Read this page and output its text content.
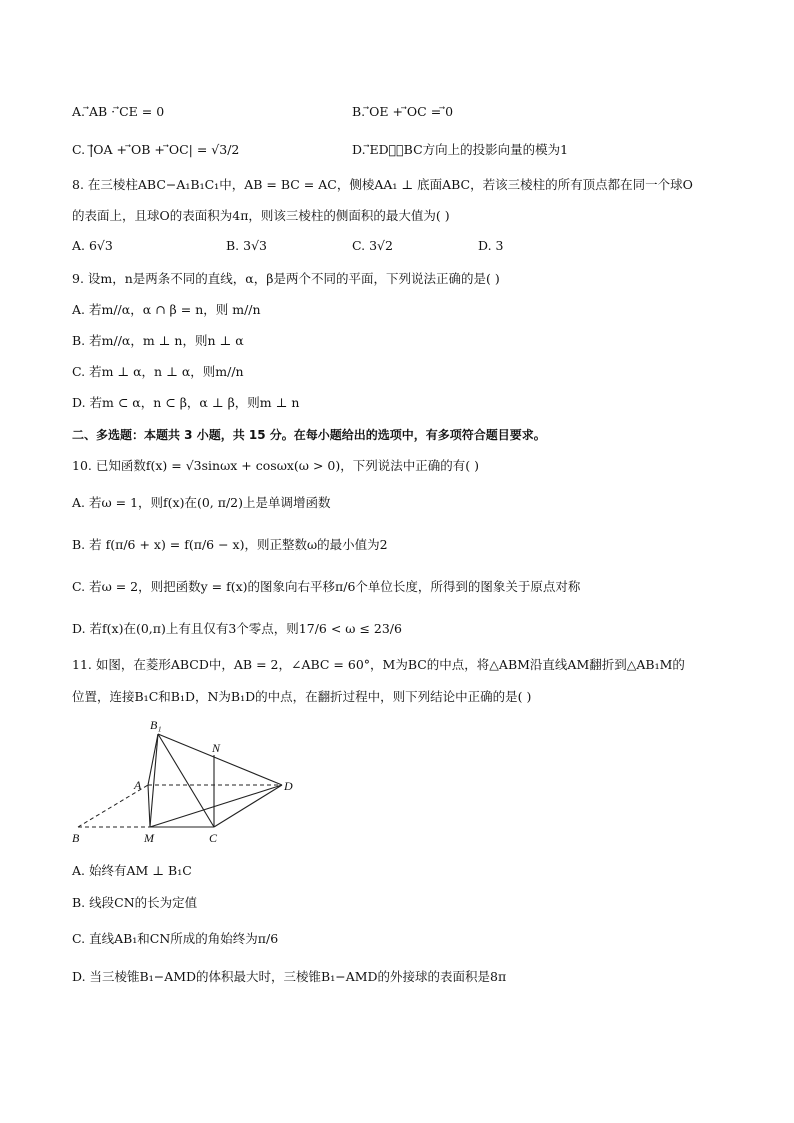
A. ⃗AB · ⃗CE = 0	B. ⃗OE + ⃗OC = ⃗0
C. |⃗OA + ⃗OB + ⃗OC| = √3/2	D. ⃗ED在⃗BC方向上的投影向量的模为1
8. 在三棱柱ABC−A₁B₁C₁中，AB = BC = AC，侧棱AA₁ ⊥ 底面ABC，若该三棱柱的所有顶点都在同一个球O
的表面上，且球O的表面积为4π，则该三棱柱的侧面积的最大值为( )
A. 6√3	B. 3√3	C. 3√2	D. 3
9. 设m，n是两条不同的直线，α，β是两个不同的平面，下列说法正确的是( )
A. 若m//α，α ∩ β = n，则 m//n
B. 若m//α，m ⊥ n，则n ⊥ α
C. 若m ⊥ α，n ⊥ α，则m//n
D. 若m ⊂ α，n ⊂ β，α ⊥ β，则m ⊥ n
二、多选题：本题共 3 小题，共 15 分。在每小题给出的选项中，有多项符合题目要求。
10. 已知函数f(x) = √3sinωx + cosωx(ω > 0)，下列说法中正确的有( )
A. 若ω = 1，则f(x)在(0, π/2)上是单调增函数
B. 若 f(π/6 + x) = f(π/6 − x)，则正整数ω的最小值为2
C. 若ω = 2，则把函数y = f(x)的图象向右平移π/6个单位长度，所得到的图象关于原点对称
D. 若f(x)在(0,π)上有且仅有3个零点，则17/6 < ω ≤ 23/6
11. 如图，在菱形ABCD中，AB = 2，∠ABC = 60°，M为BC的中点，将△ABM沿直线AM翻折到△AB₁M的
位置，连接B₁C和B₁D，N为B₁D的中点，在翻折过程中，则下列结论中正确的是( )
B₁
N
A	D
B	M	C
A. 始终有AM ⊥ B₁C
B. 线段CN的长为定值
C. 直线AB₁和CN所成的角始终为π/6
D. 当三棱锥B₁−AMD的体积最大时，三棱锥B₁−AMD的外接球的表面积是8π
